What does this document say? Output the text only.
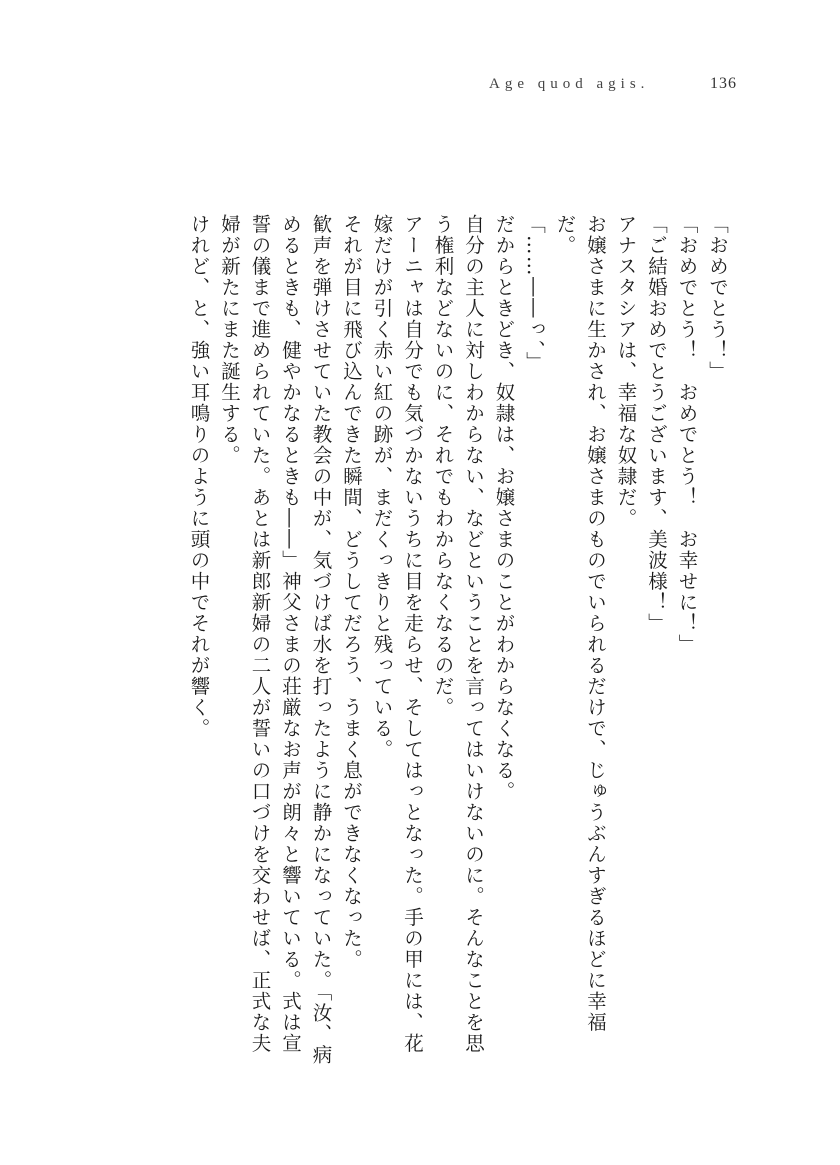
Age quod agis.	136

「おめでとう！」

「おめでとう！　おめでとう！　お幸せに！」

「ご結婚おめでとうございます、美波様！」

アナスタシアは、幸福な奴隷だ。

お嬢さまに生かされ、お嬢さまのものでいられるだけで、じゅうぶんすぎるほどに幸福だ。

「……――っ、」

だからときどき、奴隷は、お嬢さまのことがわからなくなる。

自分の主人に対しわからない、などということを言ってはいけないのに。そんなことを思う権利などないのに、それでもわからなくなるのだ。

アーニャは自分でも気づかないうちに目を走らせ、そしてはっとなった。手の甲には、花嫁だけが引く赤い紅の跡が、まだくっきりと残っている。

それが目に飛び込んできた瞬間、どうしてだろう、うまく息ができなくなった。

歓声を弾けさせていた教会の中が、気づけば水を打ったように静かになっていた。「汝、病めるときも、健やかなるときも――」神父さまの荘厳なお声が朗々と響いている。式は宣誓の儀まで進められていた。あとは新郎新婦の二人が誓いの口づけを交わせば、正式な夫婦が新たにまた誕生する。

けれど、と、強い耳鳴りのように頭の中でそれが響く。
